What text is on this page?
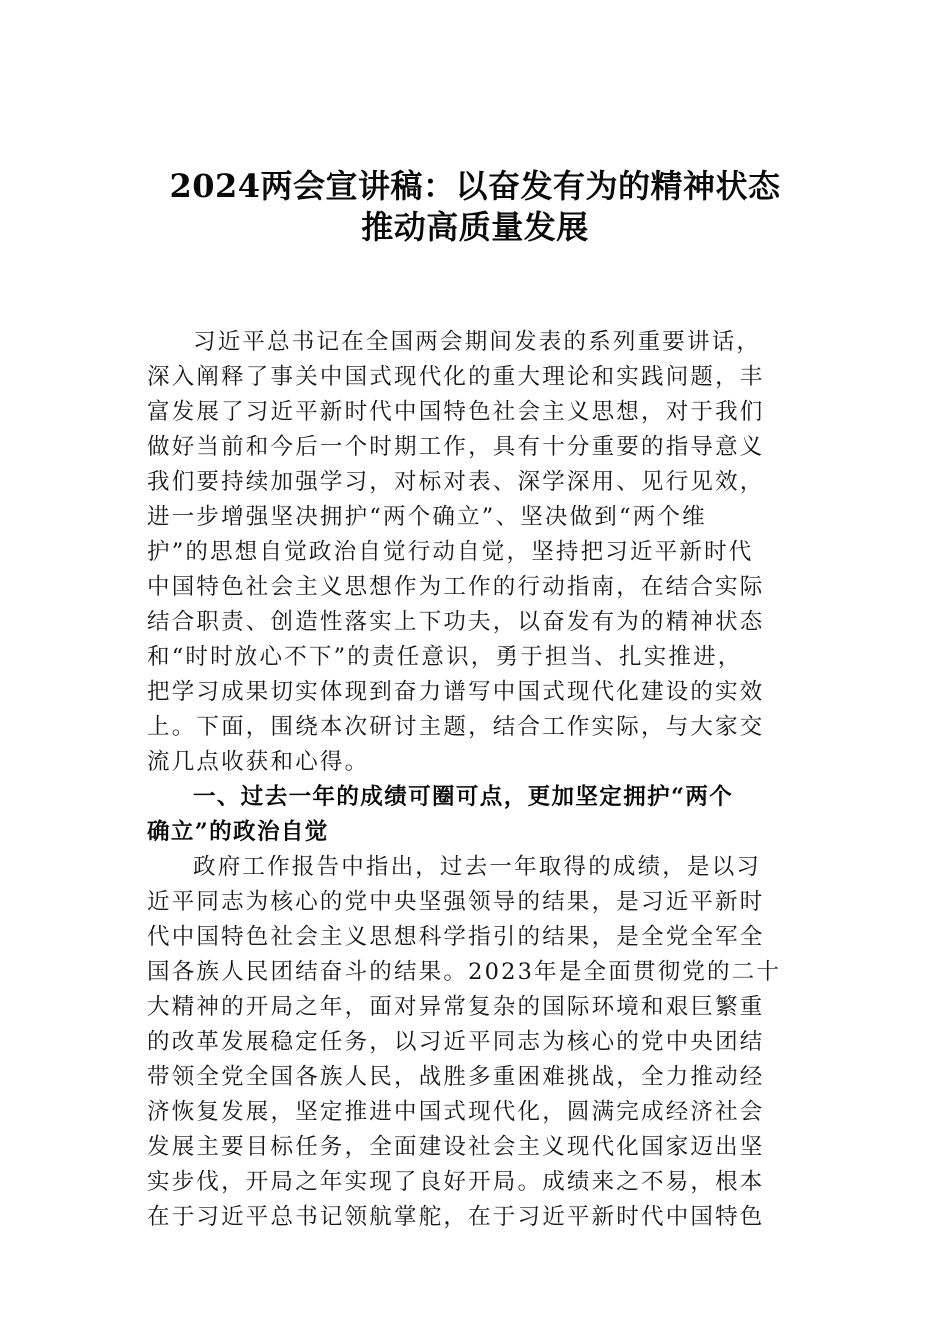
2024两会宣讲稿：以奋发有为的精神状态
推动高质量发展
习近平总书记在全国两会期间发表的系列重要讲话，
深入阐释了事关中国式现代化的重大理论和实践问题，丰
富发展了习近平新时代中国特色社会主义思想，对于我们
做好当前和今后一个时期工作，具有十分重要的指导意义
我们要持续加强学习，对标对表、深学深用、见行见效，
进一步增强坚决拥护“两个确立”、坚决做到“两个维
护”的思想自觉政治自觉行动自觉，坚持把习近平新时代
中国特色社会主义思想作为工作的行动指南，在结合实际
结合职责、创造性落实上下功夫，以奋发有为的精神状态
和“时时放心不下”的责任意识，勇于担当、扎实推进，
把学习成果切实体现到奋力谱写中国式现代化建设的实效
上。下面，围绕本次研讨主题，结合工作实际，与大家交
流几点收获和心得。
一、过去一年的成绩可圈可点，更加坚定拥护“两个
确立”的政治自觉
政府工作报告中指出，过去一年取得的成绩，是以习
近平同志为核心的党中央坚强领导的结果，是习近平新时
代中国特色社会主义思想科学指引的结果，是全党全军全
国各族人民团结奋斗的结果。2023年是全面贯彻党的二十
大精神的开局之年，面对异常复杂的国际环境和艰巨繁重
的改革发展稳定任务，以习近平同志为核心的党中央团结
带领全党全国各族人民，战胜多重困难挑战，全力推动经
济恢复发展，坚定推进中国式现代化，圆满完成经济社会
发展主要目标任务，全面建设社会主义现代化国家迈出坚
实步伐，开局之年实现了良好开局。成绩来之不易，根本
在于习近平总书记领航掌舵，在于习近平新时代中国特色
